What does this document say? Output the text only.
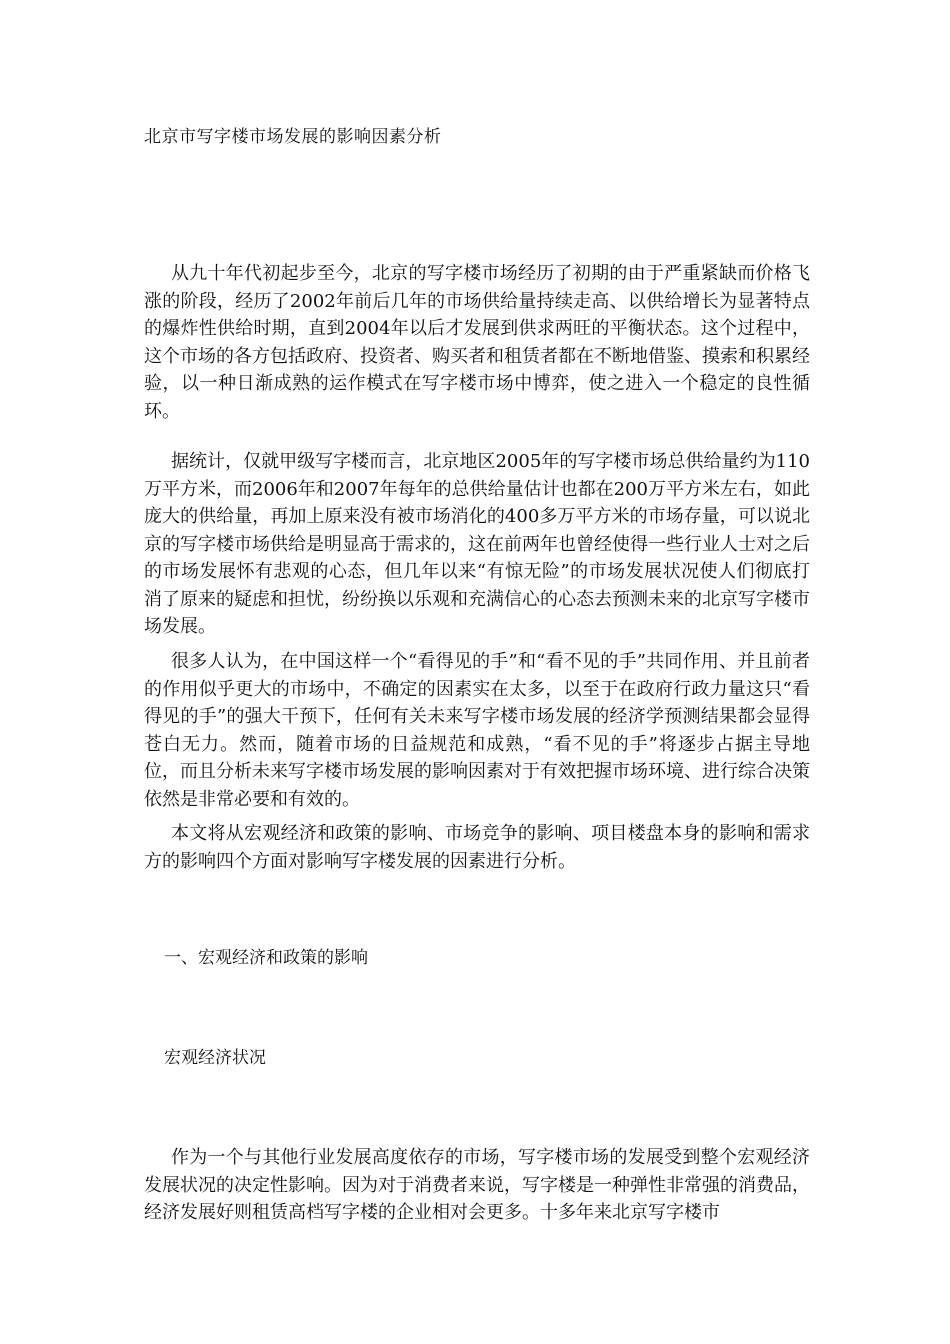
北京市写字楼市场发展的影响因素分析

从九十年代初起步至今，北京的写字楼市场经历了初期的由于严重紧缺而价格飞涨的阶段，经历了2002年前后几年的市场供给量持续走高、以供给增长为显著特点的爆炸性供给时期，直到2004年以后才发展到供求两旺的平衡状态。这个过程中，这个市场的各方包括政府、投资者、购买者和租赁者都在不断地借鉴、摸索和积累经验，以一种日渐成熟的运作模式在写字楼市场中博弈，使之进入一个稳定的良性循环。

据统计，仅就甲级写字楼而言，北京地区2005年的写字楼市场总供给量约为110万平方米，而2006年和2007年每年的总供给量估计也都在200万平方米左右，如此庞大的供给量，再加上原来没有被市场消化的400多万平方米的市场存量，可以说北京的写字楼市场供给是明显高于需求的，这在前两年也曾经使得一些行业人士对之后的市场发展怀有悲观的心态，但几年以来“有惊无险”的市场发展状况使人们彻底打消了原来的疑虑和担忧，纷纷换以乐观和充满信心的心态去预测未来的北京写字楼市场发展。

很多人认为，在中国这样一个“看得见的手”和“看不见的手”共同作用、并且前者的作用似乎更大的市场中，不确定的因素实在太多，以至于在政府行政力量这只“看得见的手”的强大干预下，任何有关未来写字楼市场发展的经济学预测结果都会显得苍白无力。然而，随着市场的日益规范和成熟，“看不见的手”将逐步占据主导地位，而且分析未来写字楼市场发展的影响因素对于有效把握市场环境、进行综合决策依然是非常必要和有效的。

本文将从宏观经济和政策的影响、市场竞争的影响、项目楼盘本身的影响和需求方的影响四个方面对影响写字楼发展的因素进行分析。

一、宏观经济和政策的影响
宏观经济状况

作为一个与其他行业发展高度依存的市场，写字楼市场的发展受到整个宏观经济发展状况的决定性影响。因为对于消费者来说，写字楼是一种弹性非常强的消费品，经济发展好则租赁高档写字楼的企业相对会更多。十多年来北京写字楼市
